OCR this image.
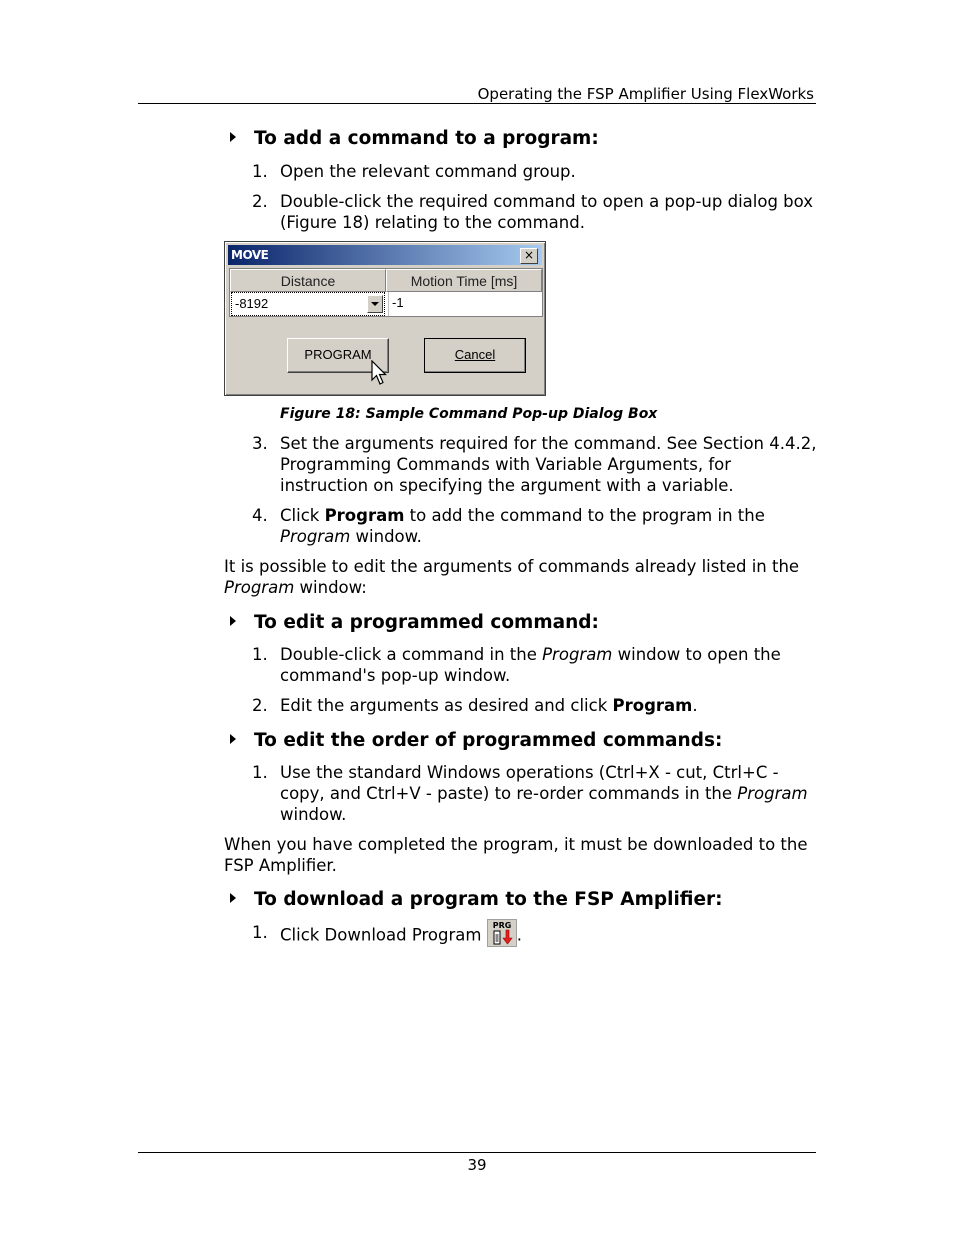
Operating the FSP Amplifier Using FlexWorks
To add a command to a program:
1. Open the relevant command group.
2. Double-click the required command to open a pop-up dialog box (Figure 18) relating to the command.
MOVE	×
Distance	Motion Time [ms]
-8192	-1
PROGRAM	Cancel
Figure 18: Sample Command Pop-up Dialog Box
3. Set the arguments required for the command. See Section 4.4.2, Programming Commands with Variable Arguments, for instruction on specifying the argument with a variable.
4. Click Program to add the command to the program in the Program window.
It is possible to edit the arguments of commands already listed in the Program window:
To edit a programmed command:
1. Double-click a command in the Program window to open the command's pop-up window.
2. Edit the arguments as desired and click Program.
To edit the order of programmed commands:
1. Use the standard Windows operations (Ctrl+X - cut, Ctrl+C - copy, and Ctrl+V - paste) to re-order commands in the Program window.
When you have completed the program, it must be downloaded to the FSP Amplifier.
To download a program to the FSP Amplifier:
1. Click Download Program PRG .
39
